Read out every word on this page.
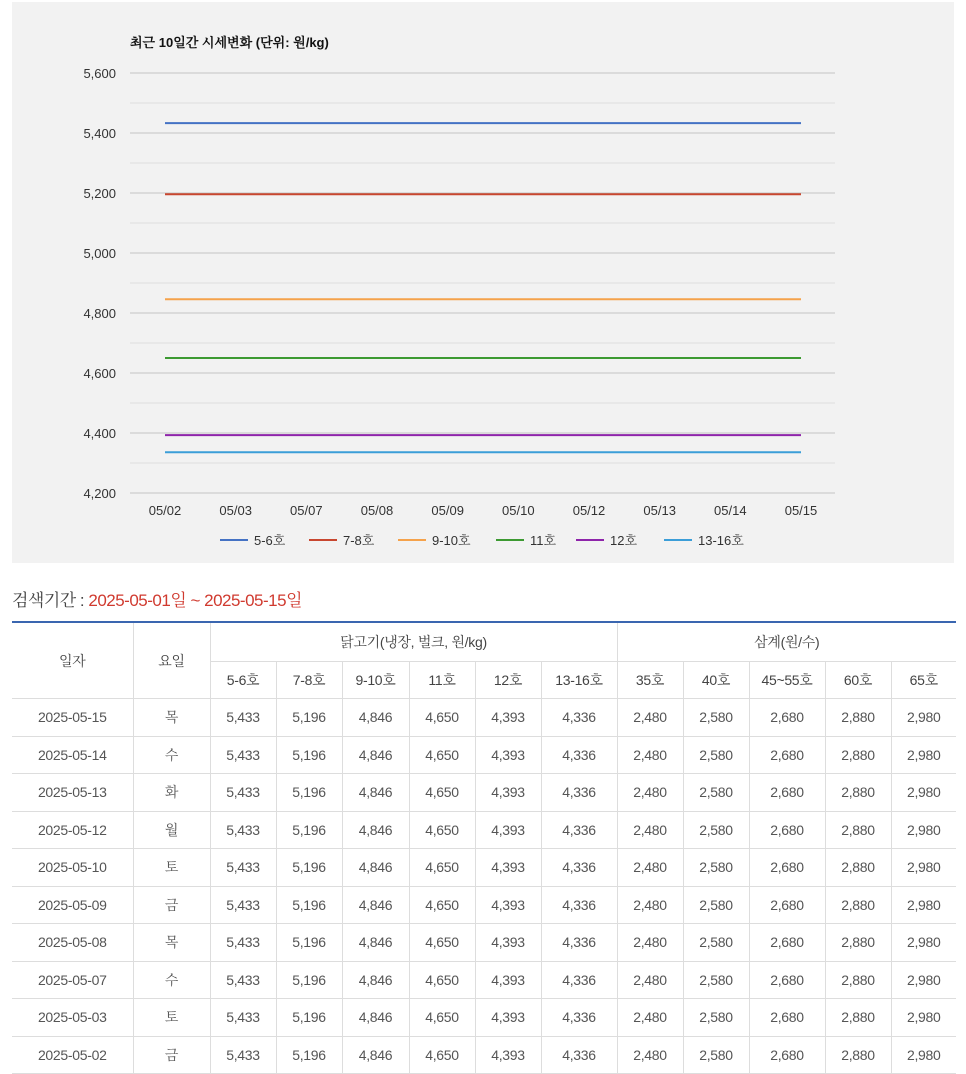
최근 10일간 시세변화 (단위: 원/kg)
4,200
4,400
4,600
4,800
5,000
5,200
5,400
5,600
05/02	05/03	05/07	05/08	05/09	05/10	05/12	05/13	05/14	05/15
5-6호	7-8호	9-10호	11호	12호	13-16호
검색기간 : 2025-05-01일 ~ 2025-05-15일
일자	요일	닭고기(냉장, 벌크, 원/kg)						삼계(원/수)				
		5-6호	7-8호	9-10호	11호	12호	13-16호	35호	40호	45~55호	60호	65호
2025-05-15	목	5,433	5,196	4,846	4,650	4,393	4,336	2,480	2,580	2,680	2,880	2,980
2025-05-14	수	5,433	5,196	4,846	4,650	4,393	4,336	2,480	2,580	2,680	2,880	2,980
2025-05-13	화	5,433	5,196	4,846	4,650	4,393	4,336	2,480	2,580	2,680	2,880	2,980
2025-05-12	월	5,433	5,196	4,846	4,650	4,393	4,336	2,480	2,580	2,680	2,880	2,980
2025-05-10	토	5,433	5,196	4,846	4,650	4,393	4,336	2,480	2,580	2,680	2,880	2,980
2025-05-09	금	5,433	5,196	4,846	4,650	4,393	4,336	2,480	2,580	2,680	2,880	2,980
2025-05-08	목	5,433	5,196	4,846	4,650	4,393	4,336	2,480	2,580	2,680	2,880	2,980
2025-05-07	수	5,433	5,196	4,846	4,650	4,393	4,336	2,480	2,580	2,680	2,880	2,980
2025-05-03	토	5,433	5,196	4,846	4,650	4,393	4,336	2,480	2,580	2,680	2,880	2,980
2025-05-02	금	5,433	5,196	4,846	4,650	4,393	4,336	2,480	2,580	2,680	2,880	2,980
